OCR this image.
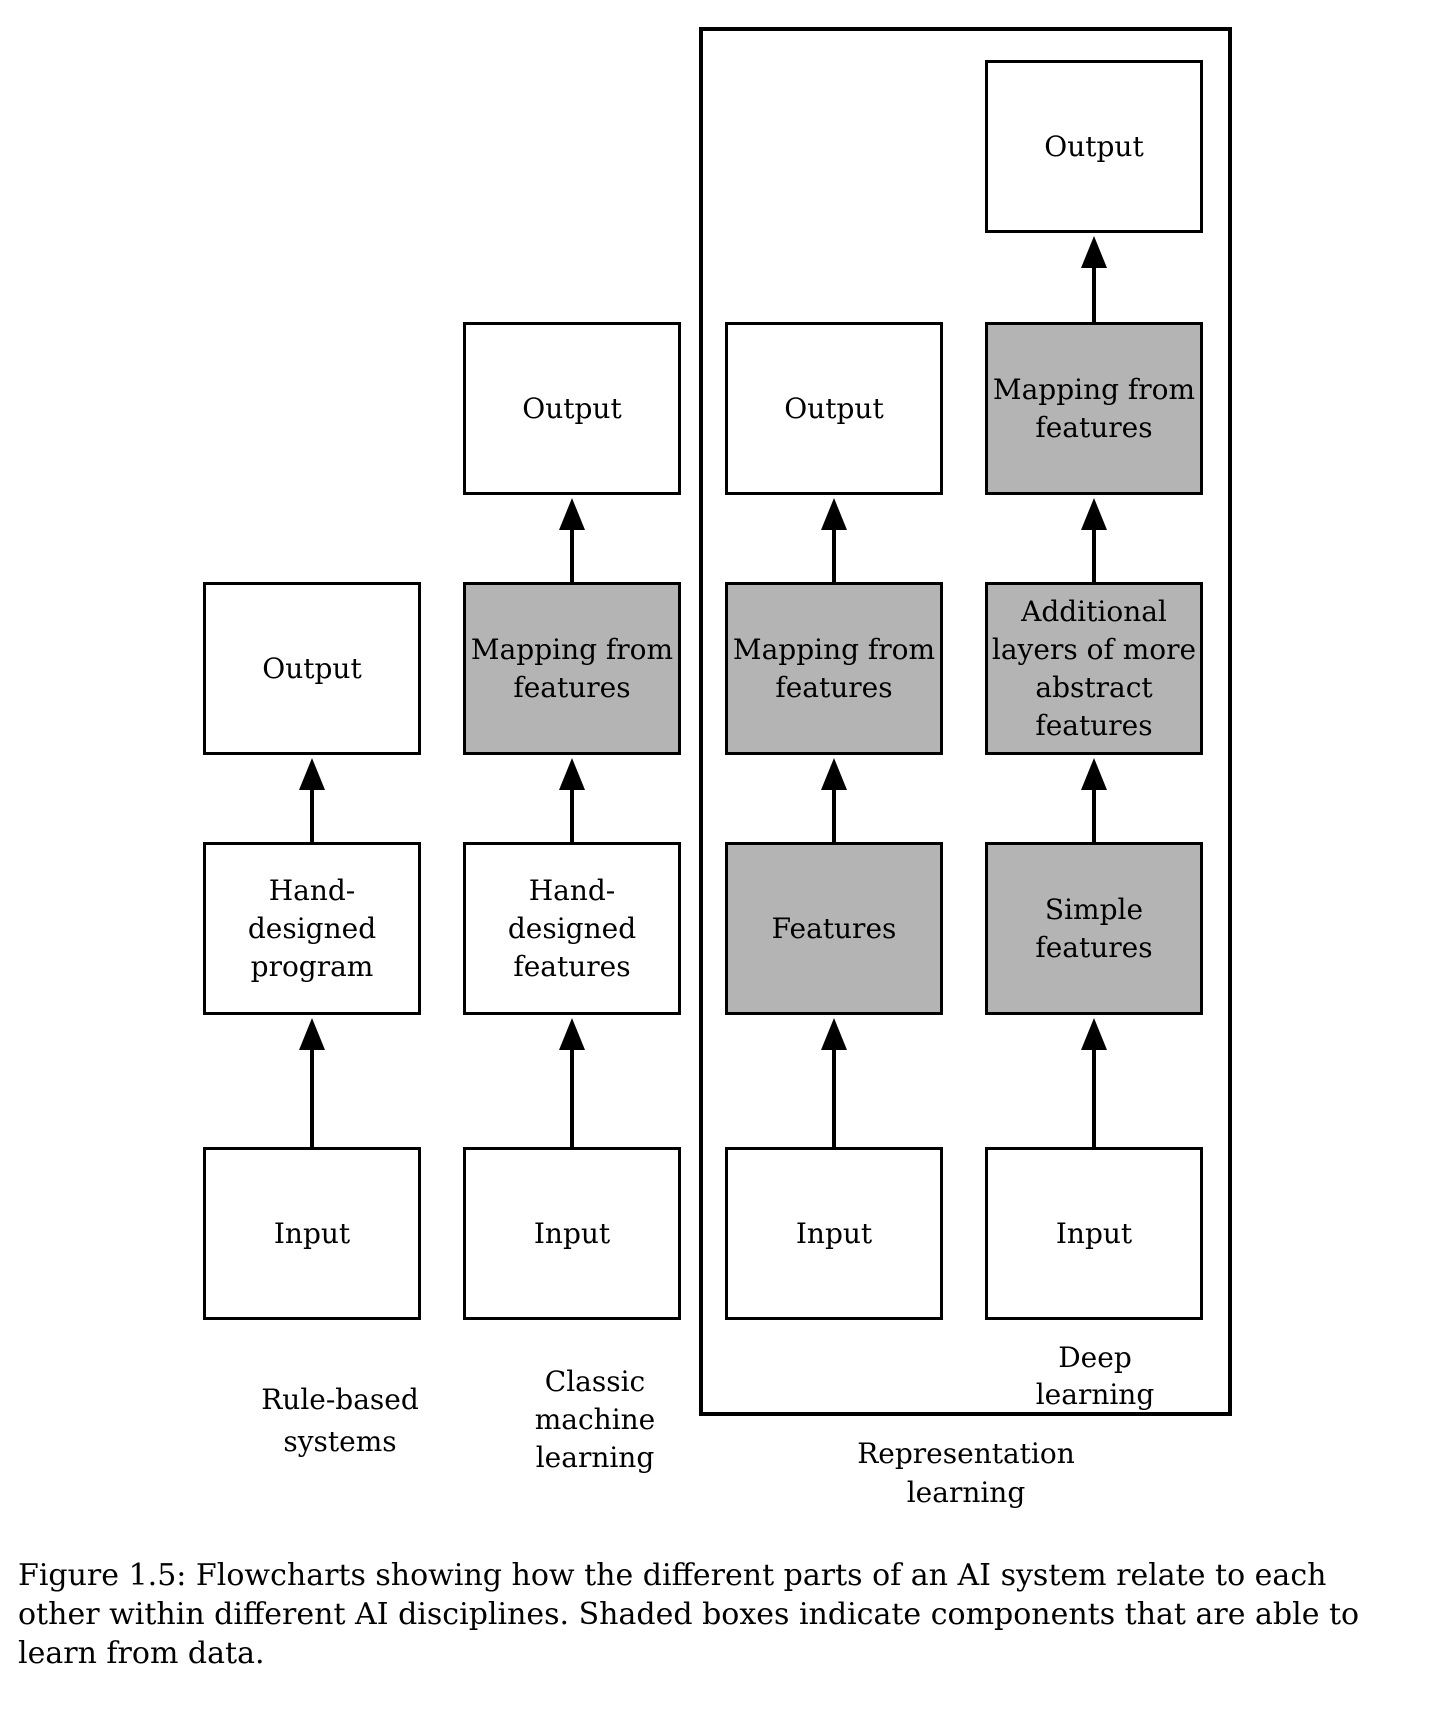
Output
Hand-
designed
program
Input
Output
Mapping from
features
Hand-
designed
features
Input
Output
Mapping from
features
Features
Input
Output
Mapping from
features
Additional
layers of more
abstract
features
Simple
features
Input
Rule-based
systems
Classic
machine
learning
Deep
learning
Representation
learning
Figure 1.5: Flowcharts showing how the different parts of an AI system relate to each
other within different AI disciplines. Shaded boxes indicate components that are able to
learn from data.
